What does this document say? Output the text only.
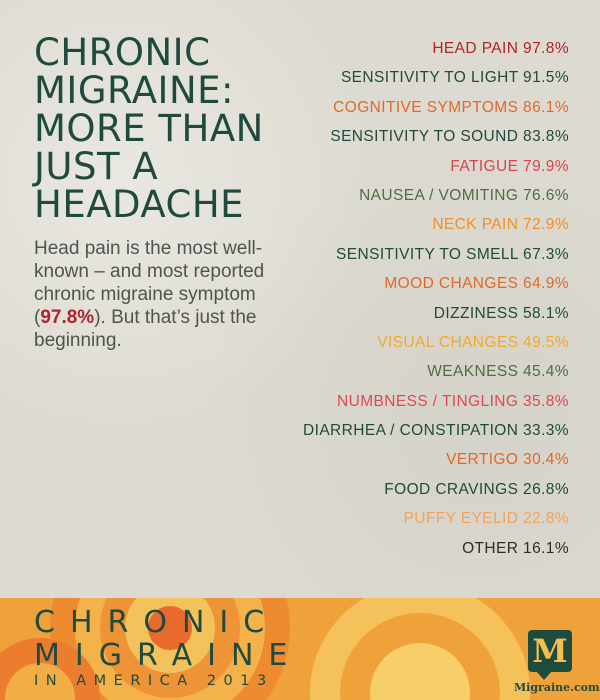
CHRONIC MIGRAINE: MORE THAN JUST A HEADACHE

Head pain is the most well-known – and most reported chronic migraine symptom (97.8%). But that’s just the beginning.

HEAD PAIN 97.8%
SENSITIVITY TO LIGHT 91.5%
COGNITIVE SYMPTOMS 86.1%
SENSITIVITY TO SOUND 83.8%
FATIGUE 79.9%
NAUSEA / VOMITING 76.6%
NECK PAIN 72.9%
SENSITIVITY TO SMELL 67.3%
MOOD CHANGES 64.9%
DIZZINESS 58.1%
VISUAL CHANGES 49.5%
WEAKNESS 45.4%
NUMBNESS / TINGLING 35.8%
DIARRHEA / CONSTIPATION 33.3%
VERTIGO 30.4%
FOOD CRAVINGS 26.8%
PUFFY EYELID 22.8%
OTHER 16.1%
CHRONIC
MIGRAINE
IN AMERICA 2013
M
Migraine.com
